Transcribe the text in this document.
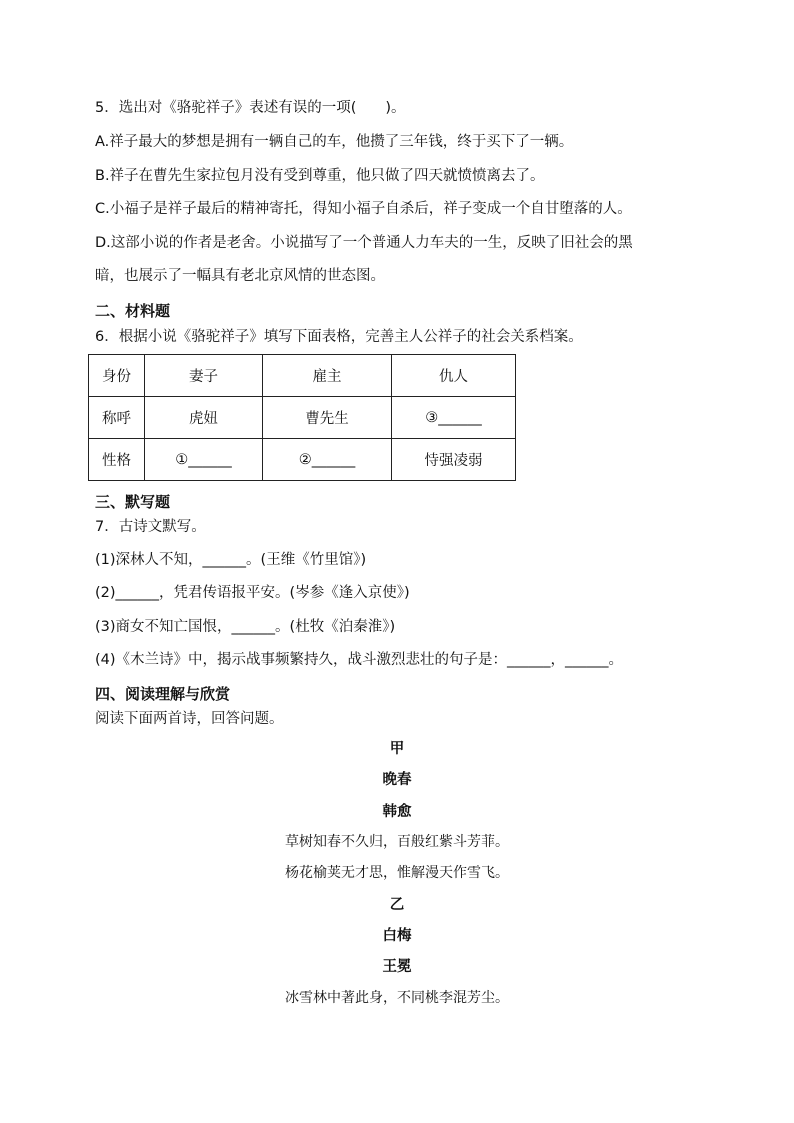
5．选出对《骆驼祥子》表述有误的一项(　　)。
A.祥子最大的梦想是拥有一辆自己的车，他攒了三年钱，终于买下了一辆。
B.祥子在曹先生家拉包月没有受到尊重，他只做了四天就愤愤离去了。
C.小福子是祥子最后的精神寄托，得知小福子自杀后，祥子变成一个自甘堕落的人。
D.这部小说的作者是老舍。小说描写了一个普通人力车夫的一生，反映了旧社会的黑
暗，也展示了一幅具有老北京风情的世态图。
二、材料题
6．根据小说《骆驼祥子》填写下面表格，完善主人公祥子的社会关系档案。
身份	妻子	雇主	仇人
称呼	虎妞	曹先生	③______
性格	①______	②______	恃强凌弱
三、默写题
7．古诗文默写。
(1)深林人不知，______。(王维《竹里馆》)
(2)______，凭君传语报平安。(岑参《逢入京使》)
(3)商女不知亡国恨，______。(杜牧《泊秦淮》)
(4)《木兰诗》中，揭示战事频繁持久，战斗激烈悲壮的句子是：______，______。
四、阅读理解与欣赏
阅读下面两首诗，回答问题。
甲
晚春
韩愈
草树知春不久归，百般红紫斗芳菲。
杨花榆荚无才思，惟解漫天作雪飞。
乙
白梅
王冕
冰雪林中著此身，不同桃李混芳尘。
